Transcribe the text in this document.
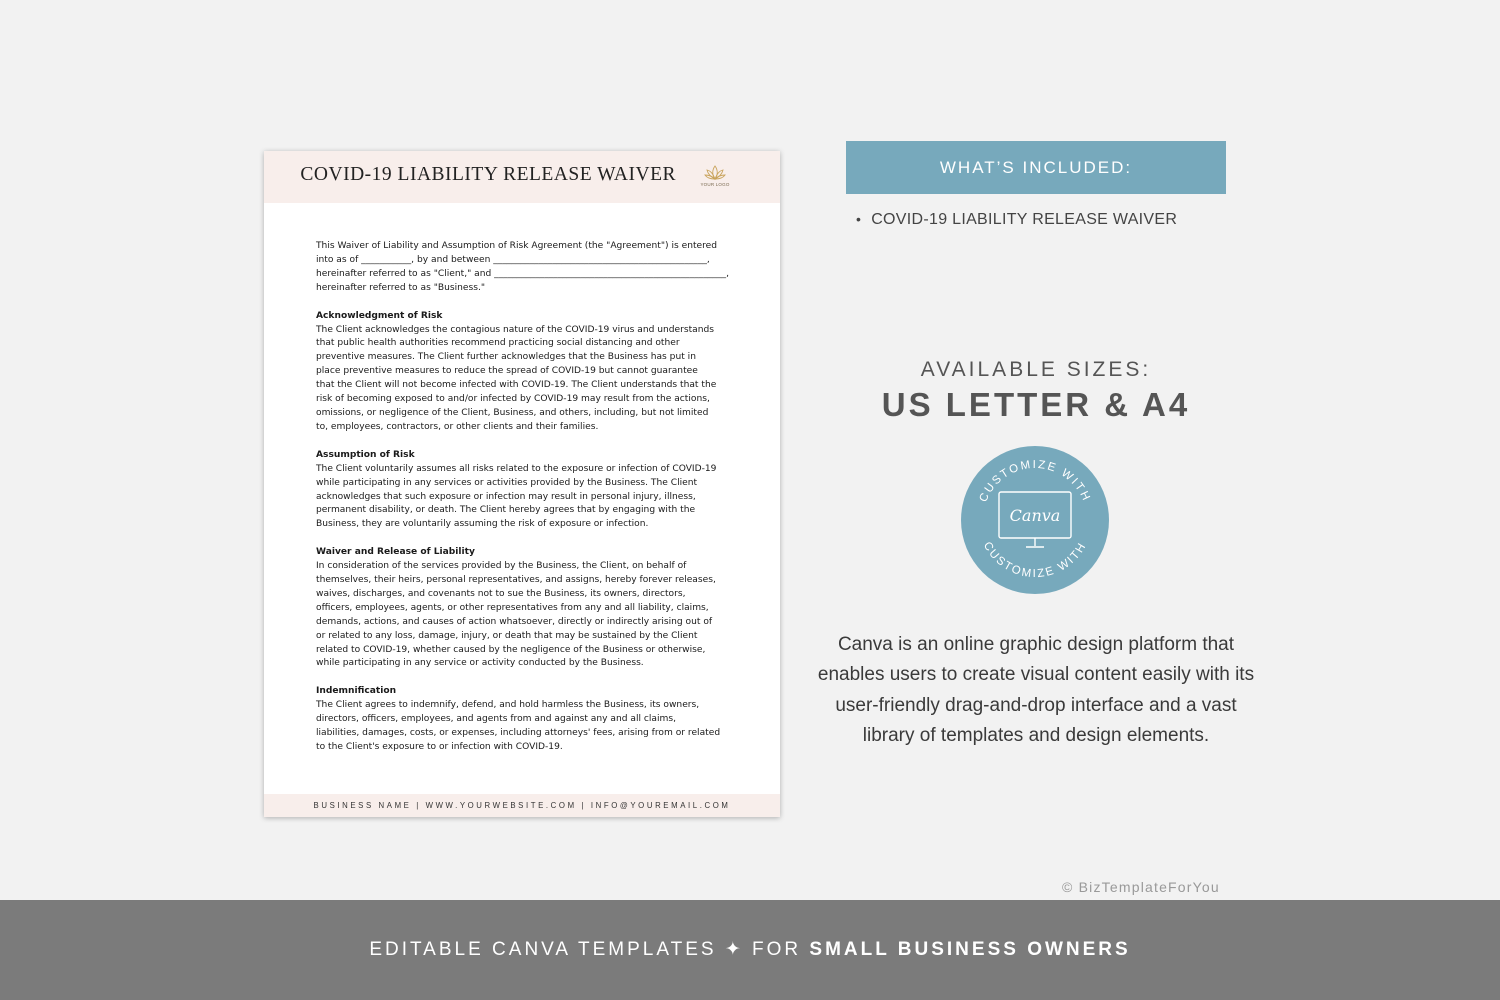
COVID-19 LIABILITY RELEASE WAIVER	YOUR LOGO

This Waiver of Liability and Assumption of Risk Agreement (the "Agreement") is entered
into as of ___________, by and between _______________________________________________,
hereinafter referred to as "Client," and ___________________________________________________,
hereinafter referred to as "Business."

Acknowledgment of Risk

The Client acknowledges the contagious nature of the COVID-19 virus and understands
that public health authorities recommend practicing social distancing and other
preventive measures. The Client further acknowledges that the Business has put in
place preventive measures to reduce the spread of COVID-19 but cannot guarantee
that the Client will not become infected with COVID-19. The Client understands that the
risk of becoming exposed to and/or infected by COVID-19 may result from the actions,
omissions, or negligence of the Client, Business, and others, including, but not limited
to, employees, contractors, or other clients and their families.

Assumption of Risk

The Client voluntarily assumes all risks related to the exposure or infection of COVID-19
while participating in any services or activities provided by the Business. The Client
acknowledges that such exposure or infection may result in personal injury, illness,
permanent disability, or death. The Client hereby agrees that by engaging with the
Business, they are voluntarily assuming the risk of exposure or infection.

Waiver and Release of Liability

In consideration of the services provided by the Business, the Client, on behalf of
themselves, their heirs, personal representatives, and assigns, hereby forever releases,
waives, discharges, and covenants not to sue the Business, its owners, directors,
officers, employees, agents, or other representatives from any and all liability, claims,
demands, actions, and causes of action whatsoever, directly or indirectly arising out of
or related to any loss, damage, injury, or death that may be sustained by the Client
related to COVID-19, whether caused by the negligence of the Business or otherwise,
while participating in any service or activity conducted by the Business.

Indemnification

The Client agrees to indemnify, defend, and hold harmless the Business, its owners,
directors, officers, employees, and agents from and against any and all claims,
liabilities, damages, costs, or expenses, including attorneys' fees, arising from or related
to the Client's exposure to or infection with COVID-19.

BUSINESS NAME | WWW.YOURWEBSITE.COM | INFO@YOUREMAIL.COM
WHAT’S INCLUDED:
• COVID-19 LIABILITY RELEASE WAIVER
AVAILABLE SIZES:
US LETTER & A4
CUSTOMIZE WITH
CUSTOMIZE WITH
Canva
Canva is an online graphic design platform that enables users to create visual content easily with its user-friendly drag-and-drop interface and a vast library of templates and design elements.
© BizTemplateForYou
EDITABLE CANVA TEMPLATES ✦ FOR SMALL BUSINESS OWNERS
